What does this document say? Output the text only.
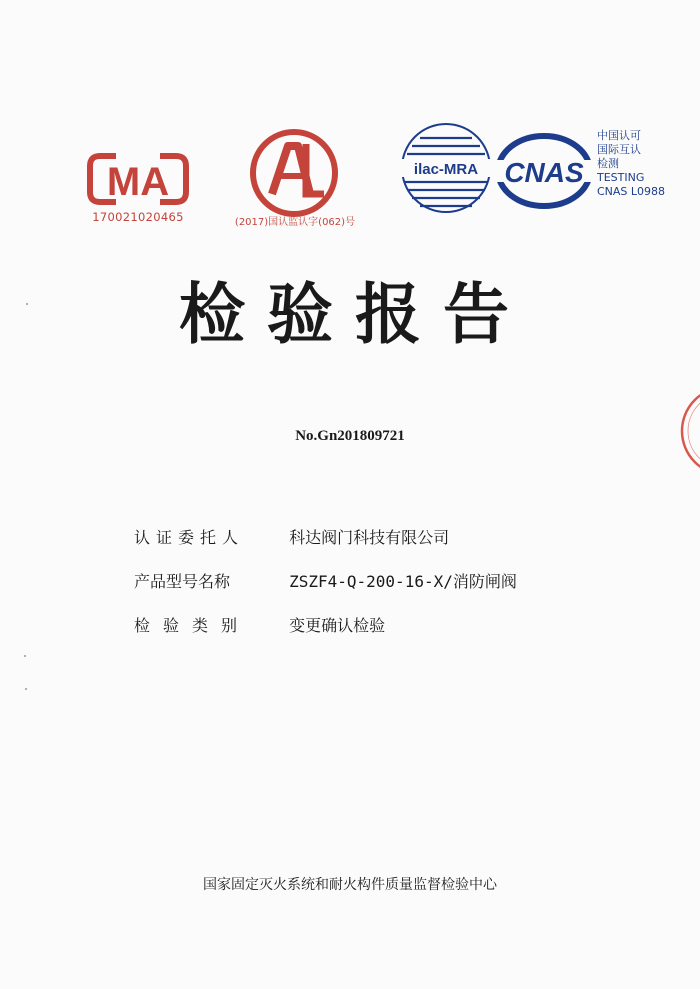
MA
170021020465	(2017)国认监认字(062)号
ilac-MRA CNAS
中国认可
国际互认
检测
TESTING
CNAS L0988
检验报告
No.Gn201809721
认证委托人	科达阀门科技有限公司
产品型号名称	ZSZF4-Q-200-16-X/消防闸阀
检验类别 变更确认检验
国家固定灭火系统和耐火构件质量监督检验中心
